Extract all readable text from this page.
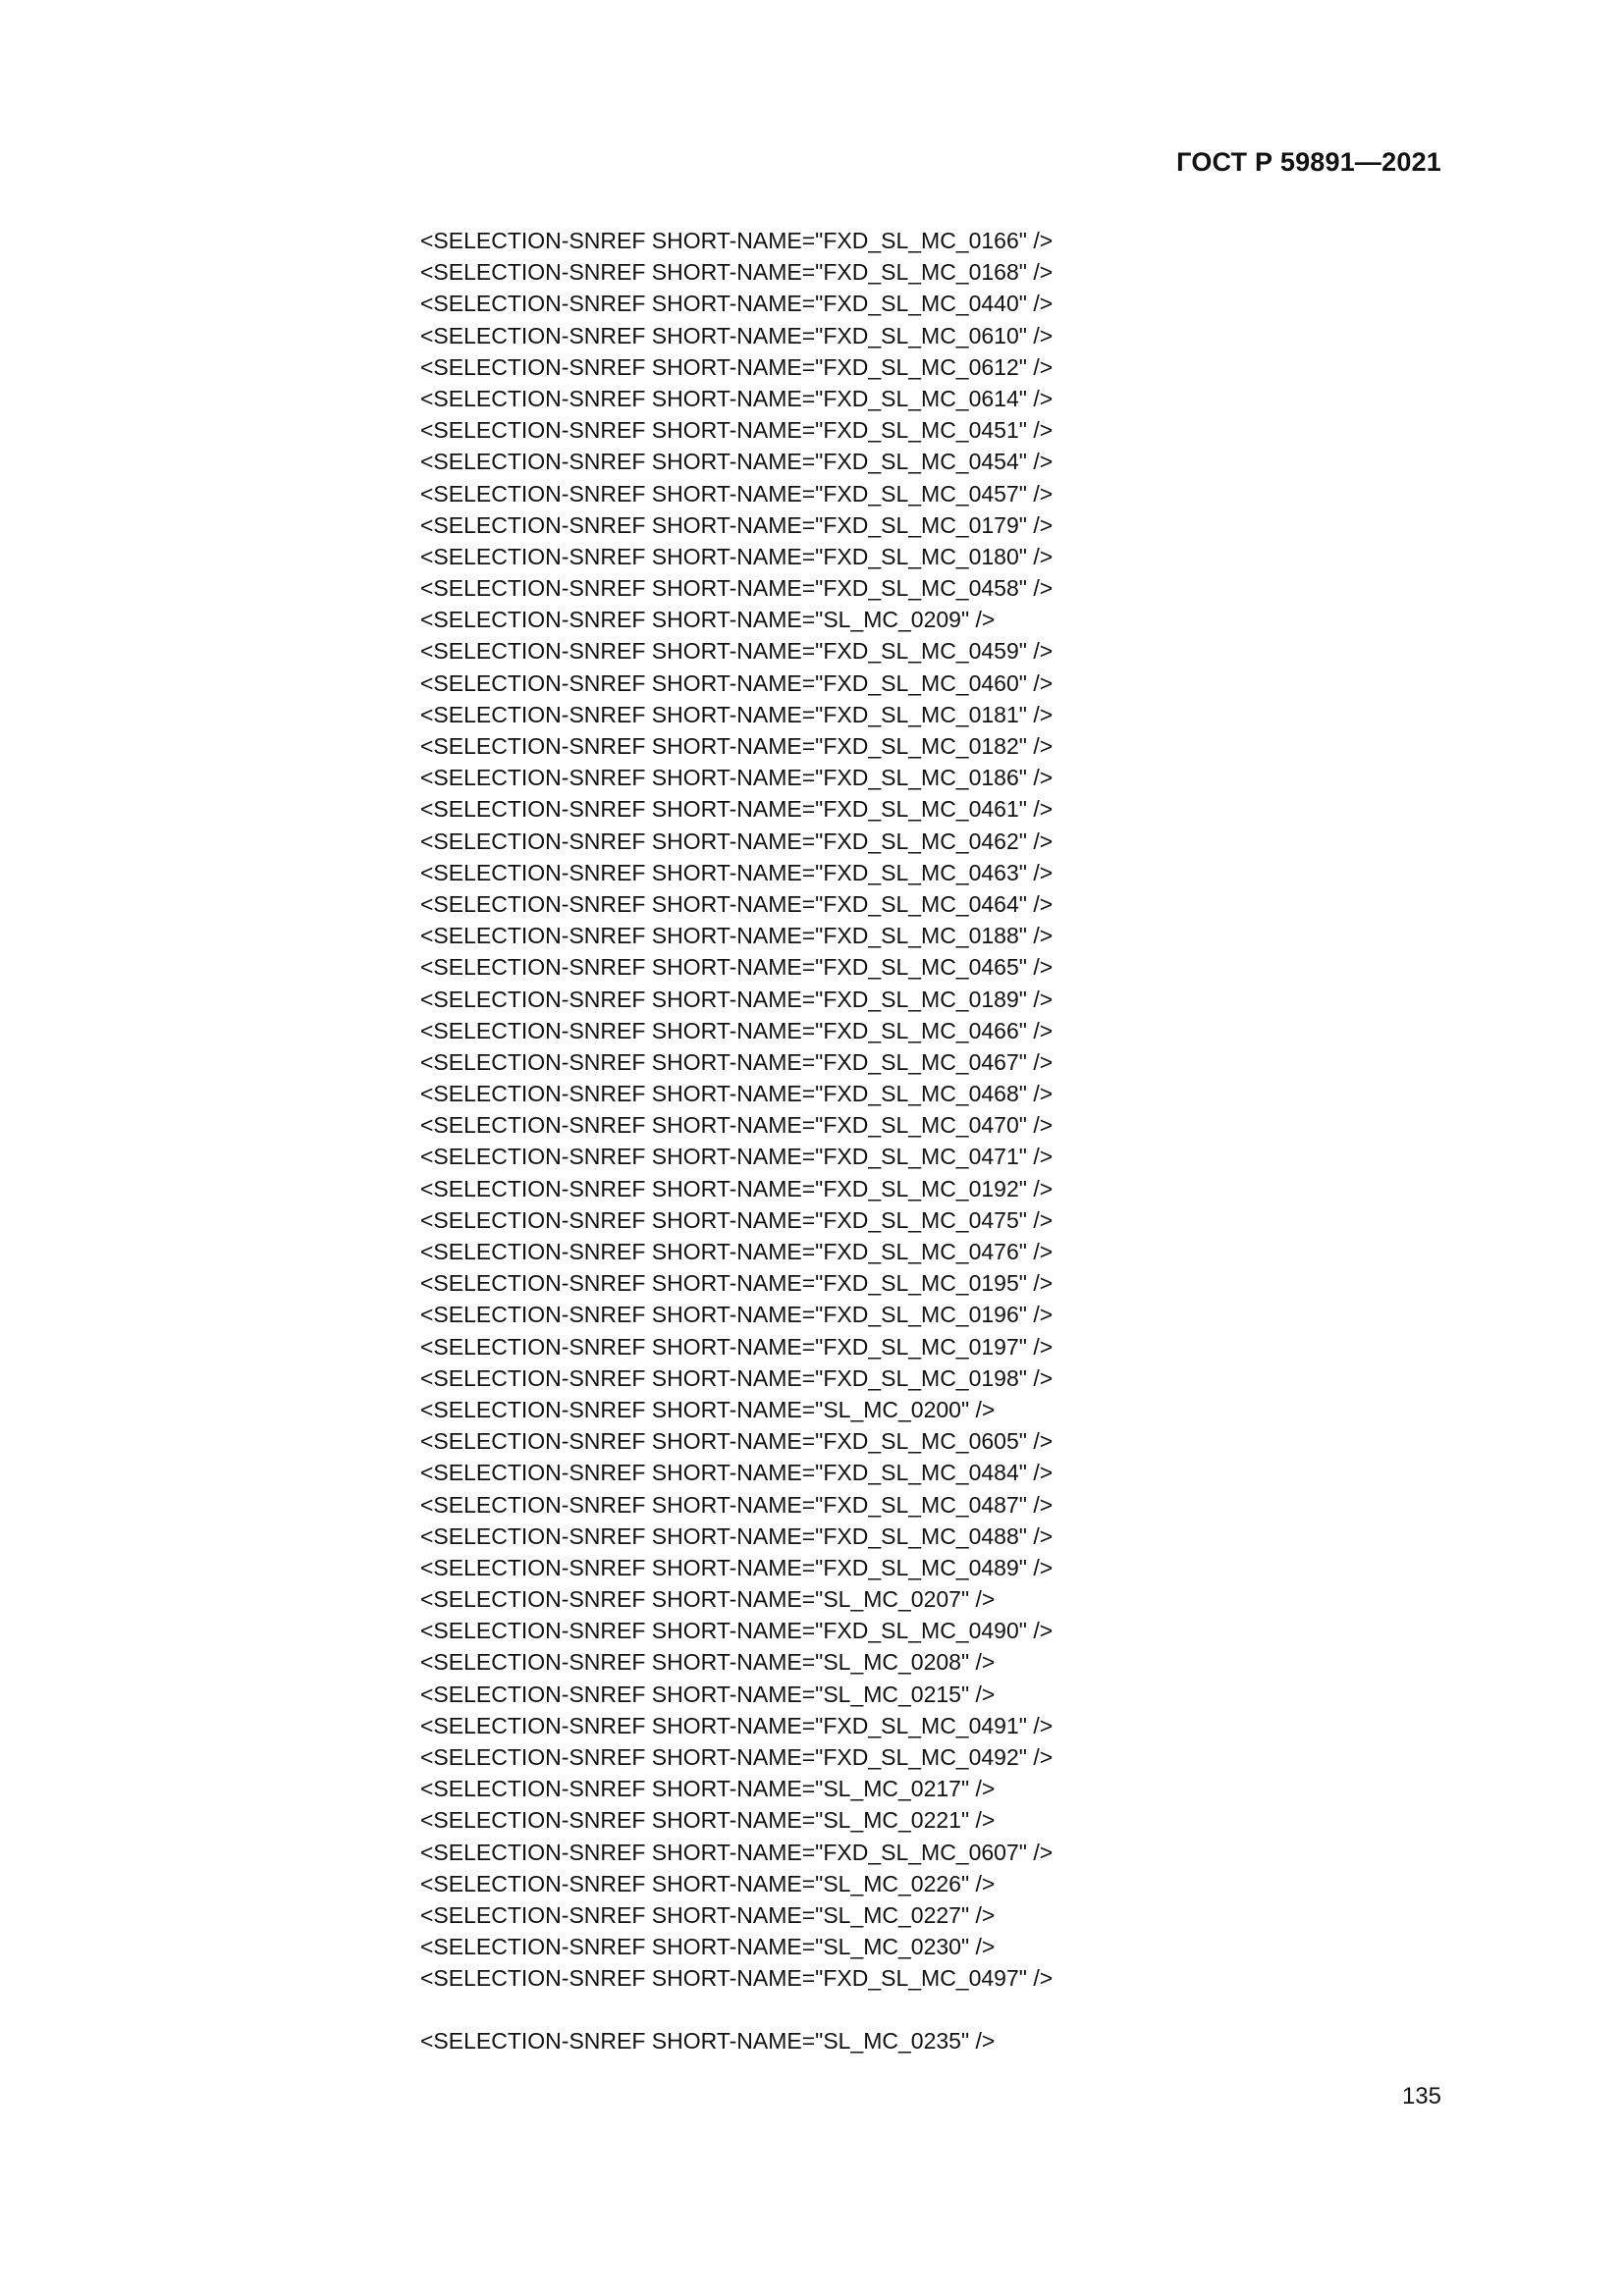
ГОСТ Р 59891—2021
<SELECTION-SNREF SHORT-NAME="FXD_SL_MC_0166" />
<SELECTION-SNREF SHORT-NAME="FXD_SL_MC_0168" />
<SELECTION-SNREF SHORT-NAME="FXD_SL_MC_0440" />
<SELECTION-SNREF SHORT-NAME="FXD_SL_MC_0610" />
<SELECTION-SNREF SHORT-NAME="FXD_SL_MC_0612" />
<SELECTION-SNREF SHORT-NAME="FXD_SL_MC_0614" />
<SELECTION-SNREF SHORT-NAME="FXD_SL_MC_0451" />
<SELECTION-SNREF SHORT-NAME="FXD_SL_MC_0454" />
<SELECTION-SNREF SHORT-NAME="FXD_SL_MC_0457" />
<SELECTION-SNREF SHORT-NAME="FXD_SL_MC_0179" />
<SELECTION-SNREF SHORT-NAME="FXD_SL_MC_0180" />
<SELECTION-SNREF SHORT-NAME="FXD_SL_MC_0458" />
<SELECTION-SNREF SHORT-NAME="SL_MC_0209" />
<SELECTION-SNREF SHORT-NAME="FXD_SL_MC_0459" />
<SELECTION-SNREF SHORT-NAME="FXD_SL_MC_0460" />
<SELECTION-SNREF SHORT-NAME="FXD_SL_MC_0181" />
<SELECTION-SNREF SHORT-NAME="FXD_SL_MC_0182" />
<SELECTION-SNREF SHORT-NAME="FXD_SL_MC_0186" />
<SELECTION-SNREF SHORT-NAME="FXD_SL_MC_0461" />
<SELECTION-SNREF SHORT-NAME="FXD_SL_MC_0462" />
<SELECTION-SNREF SHORT-NAME="FXD_SL_MC_0463" />
<SELECTION-SNREF SHORT-NAME="FXD_SL_MC_0464" />
<SELECTION-SNREF SHORT-NAME="FXD_SL_MC_0188" />
<SELECTION-SNREF SHORT-NAME="FXD_SL_MC_0465" />
<SELECTION-SNREF SHORT-NAME="FXD_SL_MC_0189" />
<SELECTION-SNREF SHORT-NAME="FXD_SL_MC_0466" />
<SELECTION-SNREF SHORT-NAME="FXD_SL_MC_0467" />
<SELECTION-SNREF SHORT-NAME="FXD_SL_MC_0468" />
<SELECTION-SNREF SHORT-NAME="FXD_SL_MC_0470" />
<SELECTION-SNREF SHORT-NAME="FXD_SL_MC_0471" />
<SELECTION-SNREF SHORT-NAME="FXD_SL_MC_0192" />
<SELECTION-SNREF SHORT-NAME="FXD_SL_MC_0475" />
<SELECTION-SNREF SHORT-NAME="FXD_SL_MC_0476" />
<SELECTION-SNREF SHORT-NAME="FXD_SL_MC_0195" />
<SELECTION-SNREF SHORT-NAME="FXD_SL_MC_0196" />
<SELECTION-SNREF SHORT-NAME="FXD_SL_MC_0197" />
<SELECTION-SNREF SHORT-NAME="FXD_SL_MC_0198" />
<SELECTION-SNREF SHORT-NAME="SL_MC_0200" />
<SELECTION-SNREF SHORT-NAME="FXD_SL_MC_0605" />
<SELECTION-SNREF SHORT-NAME="FXD_SL_MC_0484" />
<SELECTION-SNREF SHORT-NAME="FXD_SL_MC_0487" />
<SELECTION-SNREF SHORT-NAME="FXD_SL_MC_0488" />
<SELECTION-SNREF SHORT-NAME="FXD_SL_MC_0489" />
<SELECTION-SNREF SHORT-NAME="SL_MC_0207" />
<SELECTION-SNREF SHORT-NAME="FXD_SL_MC_0490" />
<SELECTION-SNREF SHORT-NAME="SL_MC_0208" />
<SELECTION-SNREF SHORT-NAME="SL_MC_0215" />
<SELECTION-SNREF SHORT-NAME="FXD_SL_MC_0491" />
<SELECTION-SNREF SHORT-NAME="FXD_SL_MC_0492" />
<SELECTION-SNREF SHORT-NAME="SL_MC_0217" />
<SELECTION-SNREF SHORT-NAME="SL_MC_0221" />
<SELECTION-SNREF SHORT-NAME="FXD_SL_MC_0607" />
<SELECTION-SNREF SHORT-NAME="SL_MC_0226" />
<SELECTION-SNREF SHORT-NAME="SL_MC_0227" />
<SELECTION-SNREF SHORT-NAME="SL_MC_0230" />
<SELECTION-SNREF SHORT-NAME="FXD_SL_MC_0497" />
<SELECTION-SNREF SHORT-NAME="SL_MC_0235" />
135
